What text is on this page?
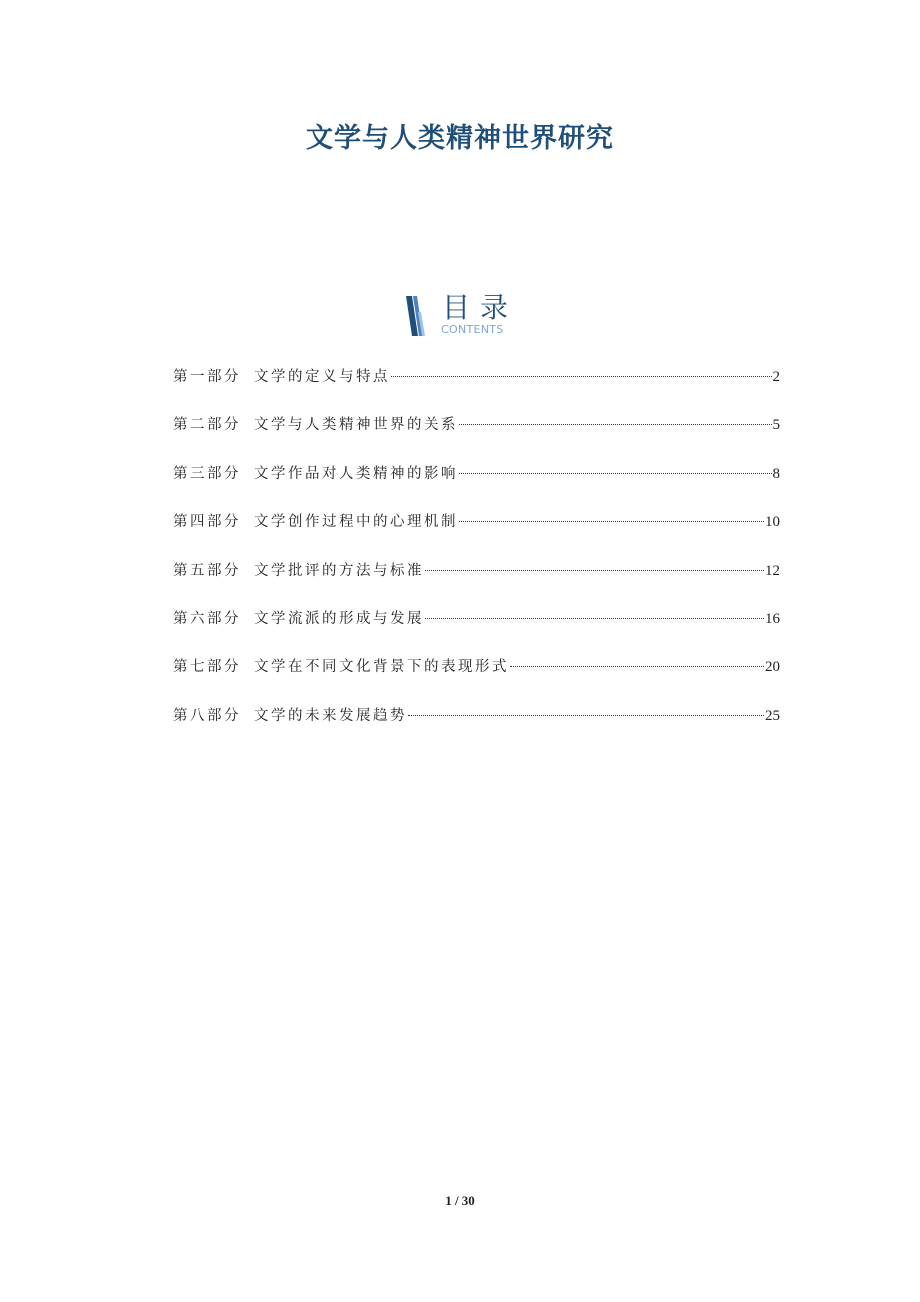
文学与人类精神世界研究
目录
CONTENTS
第一部分 文学的定义与特点	2
第二部分 文学与人类精神世界的关系	5
第三部分 文学作品对人类精神的影响	8
第四部分 文学创作过程中的心理机制	10
第五部分 文学批评的方法与标准	12
第六部分 文学流派的形成与发展	16
第七部分 文学在不同文化背景下的表现形式	20
第八部分 文学的未来发展趋势	25
1 / 30
